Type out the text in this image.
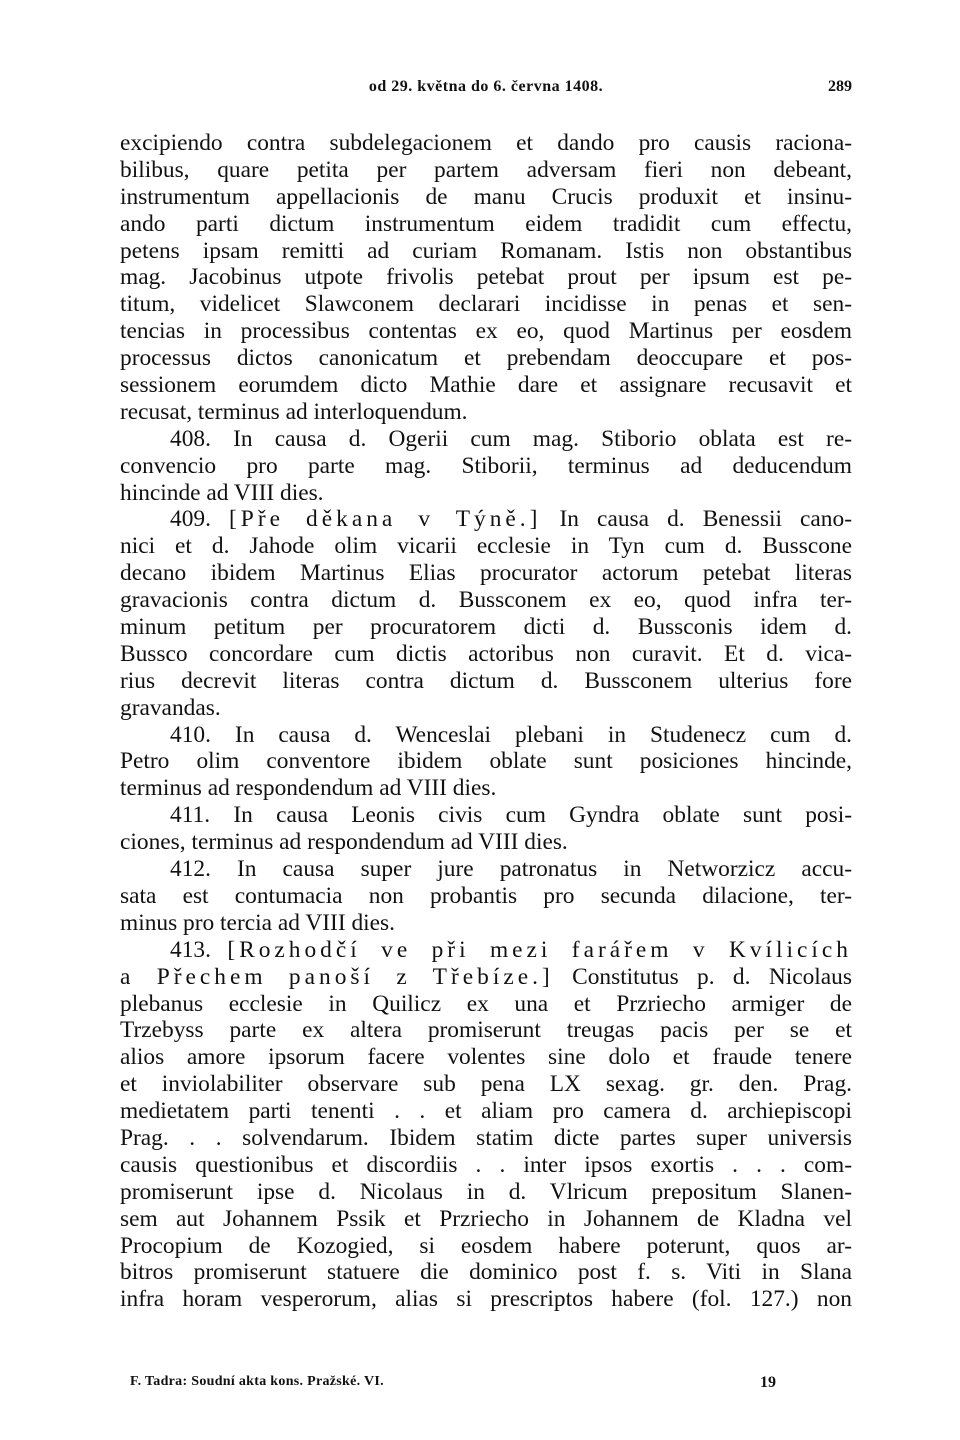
od 29. května do 6. června 1408.	289
excipiendo contra subdelegacionem et dando pro causis raciona-
bilibus, quare petita per partem adversam fieri non debeant,
instrumentum appellacionis de manu Crucis produxit et insinu-
ando parti dictum instrumentum eidem tradidit cum effectu,
petens ipsam remitti ad curiam Romanam. Istis non obstantibus
mag. Jacobinus utpote frivolis petebat prout per ipsum est pe-
titum, videlicet Slawconem declarari incidisse in penas et sen-
tencias in processibus contentas ex eo, quod Martinus per eosdem
processus dictos canonicatum et prebendam deoccupare et pos-
sessionem eorumdem dicto Mathie dare et assignare recusavit et
recusat, terminus ad interloquendum.
408. In causa d. Ogerii cum mag. Stiborio oblata est re-
convencio pro parte mag. Stiborii, terminus ad deducendum
hincinde ad VIII dies.
409. [Pře děkana v Týně.] In causa d. Benessii cano-
nici et d. Jahode olim vicarii ecclesie in Tyn cum d. Busscone
decano ibidem Martinus Elias procurator actorum petebat literas
gravacionis contra dictum d. Bussconem ex eo, quod infra ter-
minum petitum per procuratorem dicti d. Bussconis idem d.
Bussco concordare cum dictis actoribus non curavit. Et d. vica-
rius decrevit literas contra dictum d. Bussconem ulterius fore
gravandas.
410. In causa d. Wenceslai plebani in Studenecz cum d.
Petro olim conventore ibidem oblate sunt posiciones hincinde,
terminus ad respondendum ad VIII dies.
411. In causa Leonis civis cum Gyndra oblate sunt posi-
ciones, terminus ad respondendum ad VIII dies.
412. In causa super jure patronatus in Networzicz accu-
sata est contumacia non probantis pro secunda dilacione, ter-
minus pro tercia ad VIII dies.
413. [Rozhodčí ve při mezi farářem v Kvílicích
a Přechem panoší z Třebíze.] Constitutus p. d. Nicolaus
plebanus ecclesie in Quilicz ex una et Przriecho armiger de
Trzebyss parte ex altera promiserunt treugas pacis per se et
alios amore ipsorum facere volentes sine dolo et fraude tenere
et inviolabiliter observare sub pena LX sexag. gr. den. Prag.
medietatem parti tenenti . . et aliam pro camera d. archiepiscopi
Prag. . . solvendarum. Ibidem statim dicte partes super universis
causis questionibus et discordiis . . inter ipsos exortis . . . com-
promiserunt ipse d. Nicolaus in d. Vlricum prepositum Slanen-
sem aut Johannem Pssik et Przriecho in Johannem de Kladna vel
Procopium de Kozogied, si eosdem habere poterunt, quos ar-
bitros promiserunt statuere die dominico post f. s. Viti in Slana
infra horam vesperorum, alias si prescriptos habere (fol. 127.) non
F. Tadra: Soudní akta kons. Pražské. VI.	19
